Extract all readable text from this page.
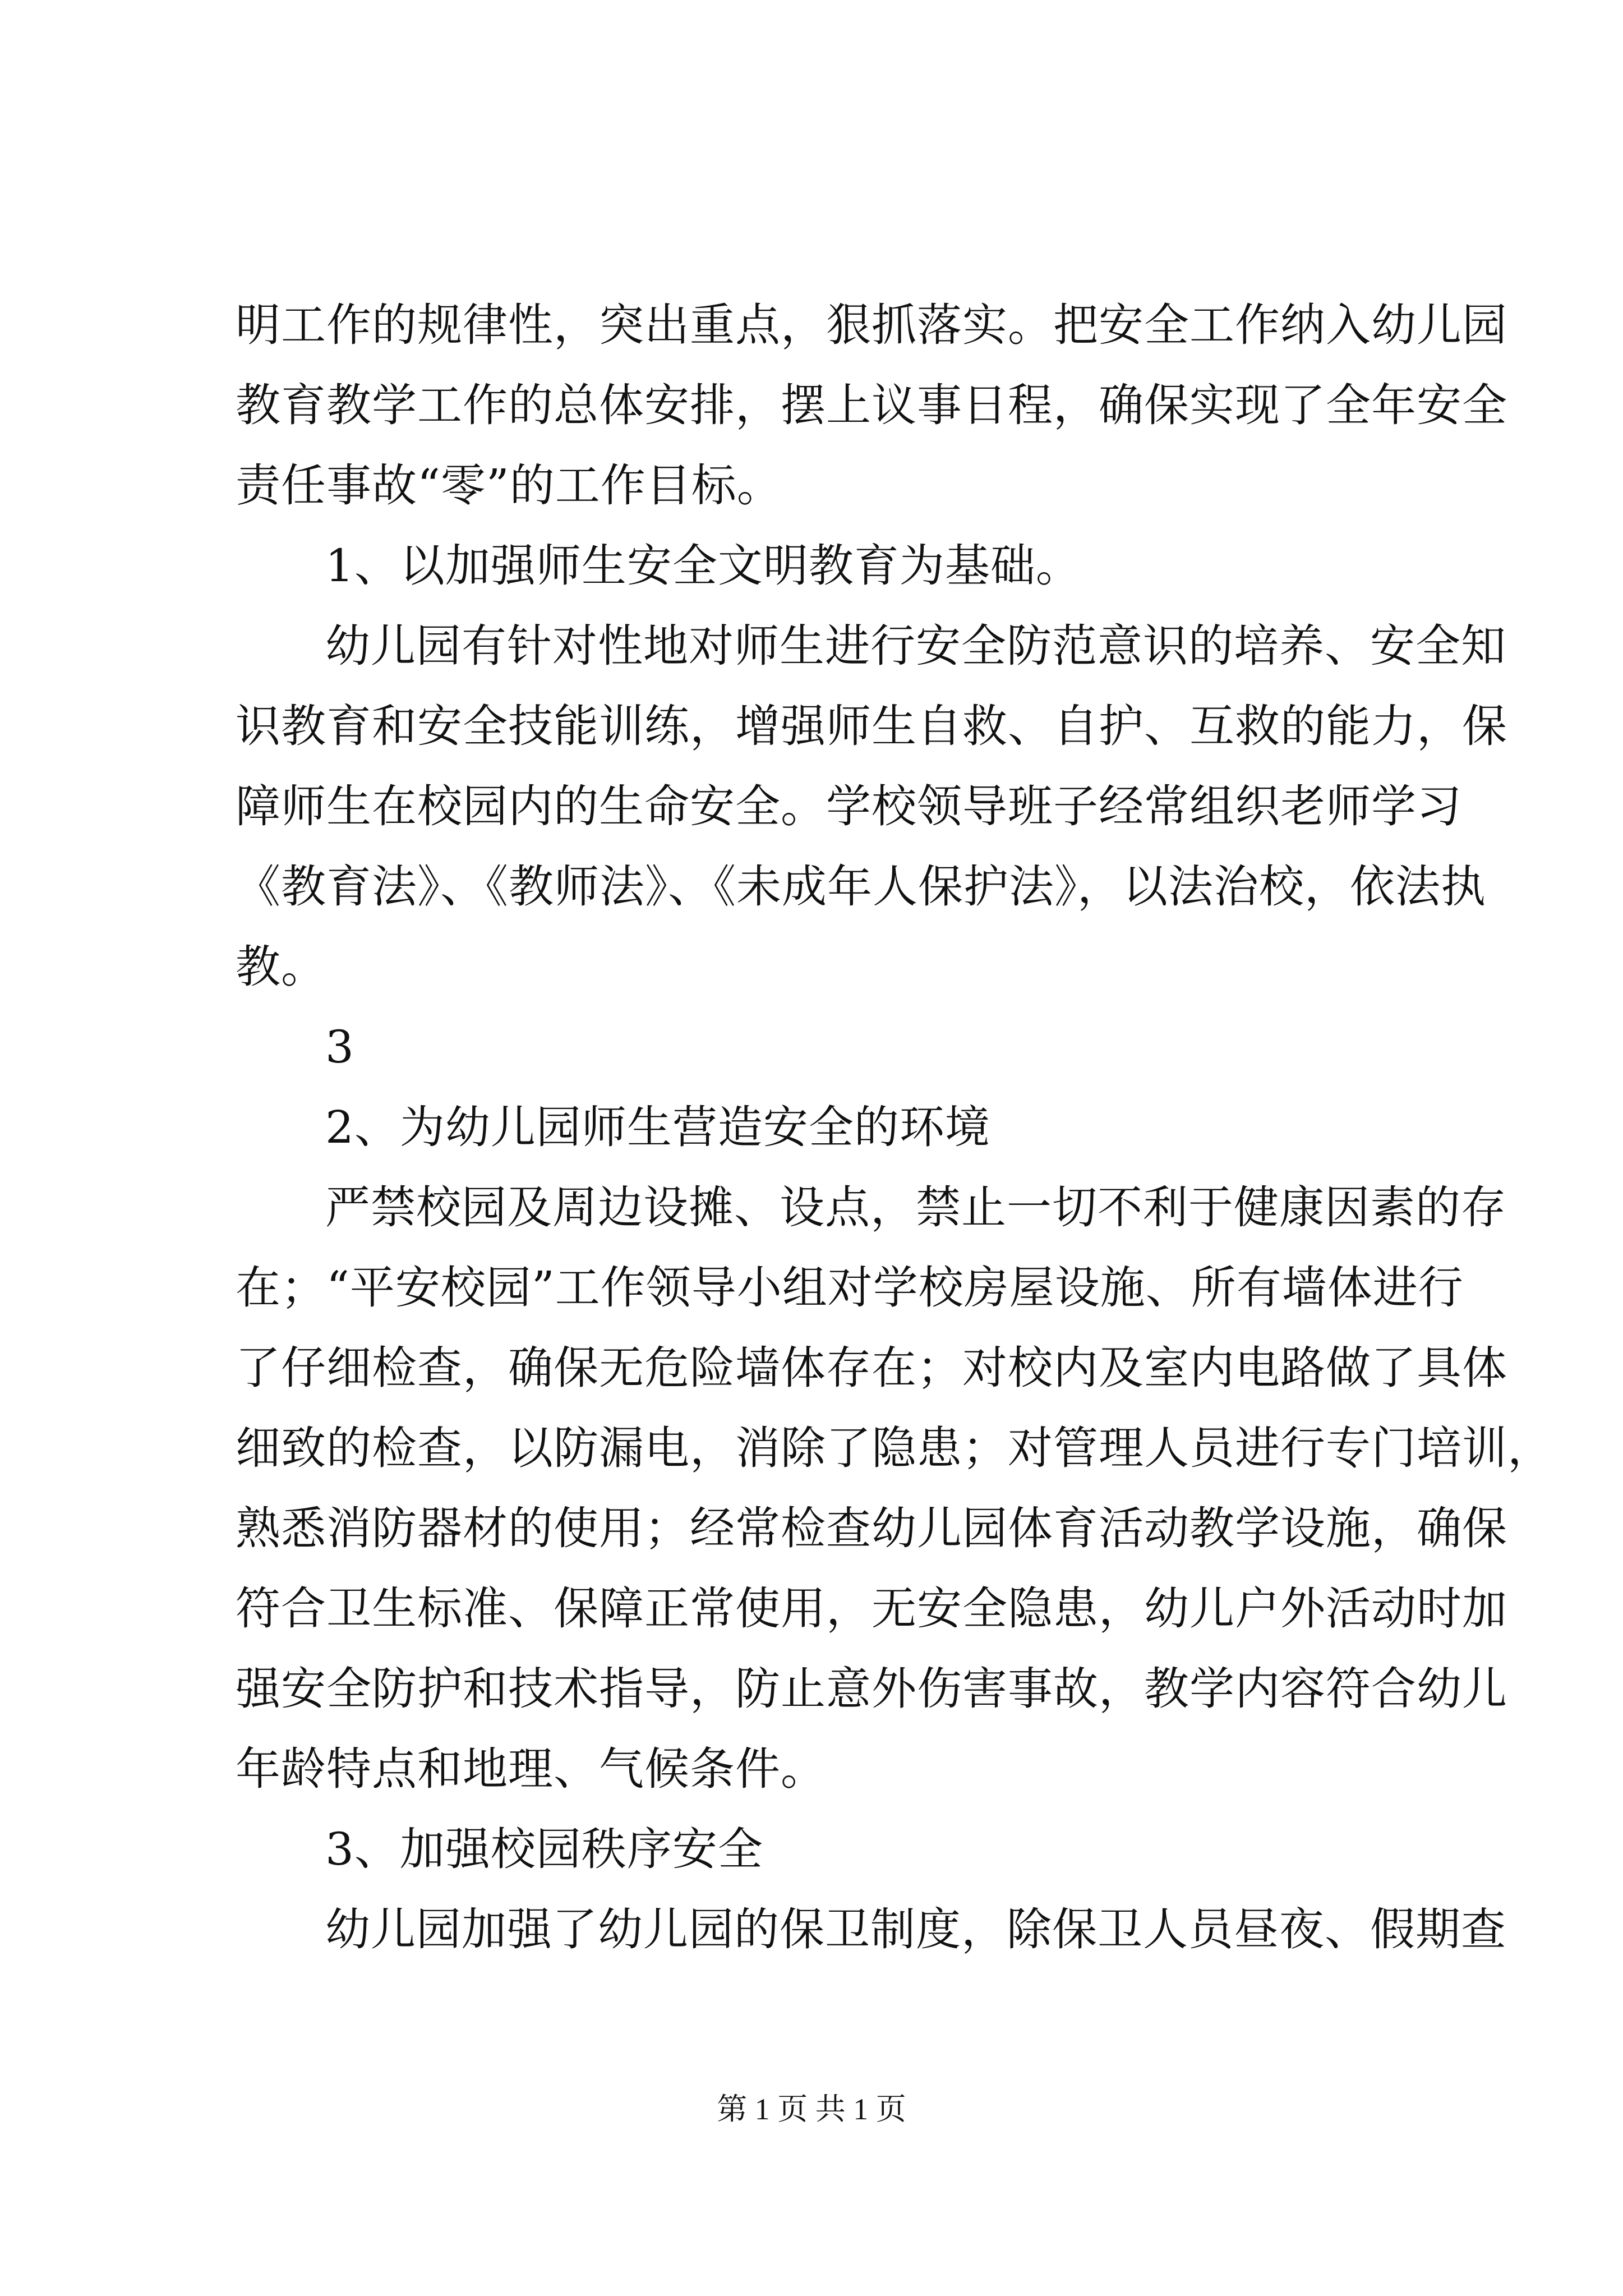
明工作的规律性，突出重点，狠抓落实。把安全工作纳入幼儿园
教育教学工作的总体安排，摆上议事日程，确保实现了全年安全
责任事故“零”的工作目标。
1、以加强师生安全文明教育为基础。
幼儿园有针对性地对师生进行安全防范意识的培养、安全知
识教育和安全技能训练，增强师生自救、自护、互救的能力，保
障师生在校园内的生命安全。学校领导班子经常组织老师学习
《教育法》、《教师法》、《未成年人保护法》，以法治校，依法执
教。
3
2、为幼儿园师生营造安全的环境
严禁校园及周边设摊、设点，禁止一切不利于健康因素的存
在；“平安校园”工作领导小组对学校房屋设施、所有墙体进行
了仔细检查，确保无危险墙体存在；对校内及室内电路做了具体
细致的检查，以防漏电，消除了隐患；对管理人员进行专门培训，
熟悉消防器材的使用；经常检查幼儿园体育活动教学设施，确保
符合卫生标准、保障正常使用，无安全隐患，幼儿户外活动时加
强安全防护和技术指导，防止意外伤害事故，教学内容符合幼儿
年龄特点和地理、气候条件。
3、加强校园秩序安全
幼儿园加强了幼儿园的保卫制度，除保卫人员昼夜、假期查
第 1 页 共 1 页
